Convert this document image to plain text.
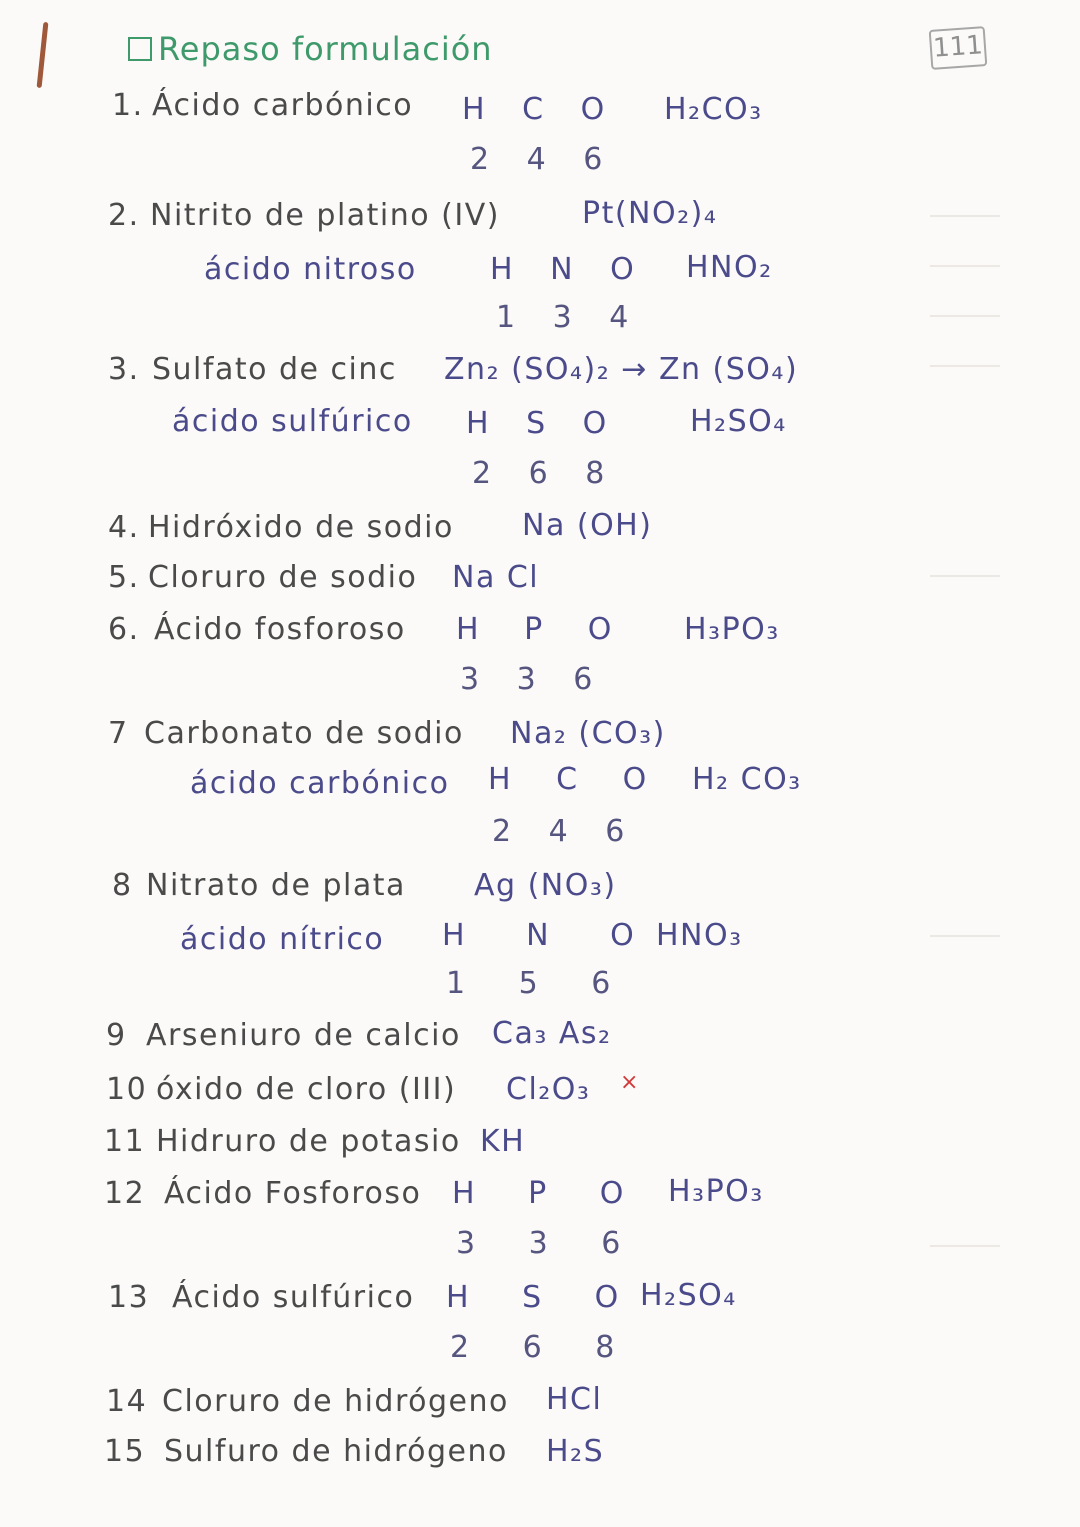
111
Repaso formulación
1. Ácido carbónico H C O H₂CO₃
2 4 6
2. Nitrito de platino (IV)	Pt(NO₂)₄
ácido nitroso H N O HNO₂
1 3 4
3. Sulfato de cinc Zn₂ (SO₄)₂ → Zn (SO₄)
ácido sulfúrico H S O H₂SO₄
2 6 8
4. Hidróxido de sodio Na (OH)
5. Cloruro de sodio Na Cl
6. Ácido fosforoso H P O H₃PO₃
3 3 6
7 Carbonato de sodio Na₂ (CO₃)
ácido carbónico H C O H₂ CO₃
2 4 6
8 Nitrato de plata Ag (NO₃)
ácido nítrico H N O
HNO₃
1 5 6
9 Arseniuro de calcio Ca₃ As₂
10 óxido de cloro (III) Cl₂O₃ ×
11 Hidruro de potasio KH
12 Ácido Fosforoso H P O H₃PO₃
3 3 6
13 Ácido sulfúrico H S O H₂SO₄
2 6 8
14 Cloruro de hidrógeno HCl
15 Sulfuro de hidrógeno H₂S
